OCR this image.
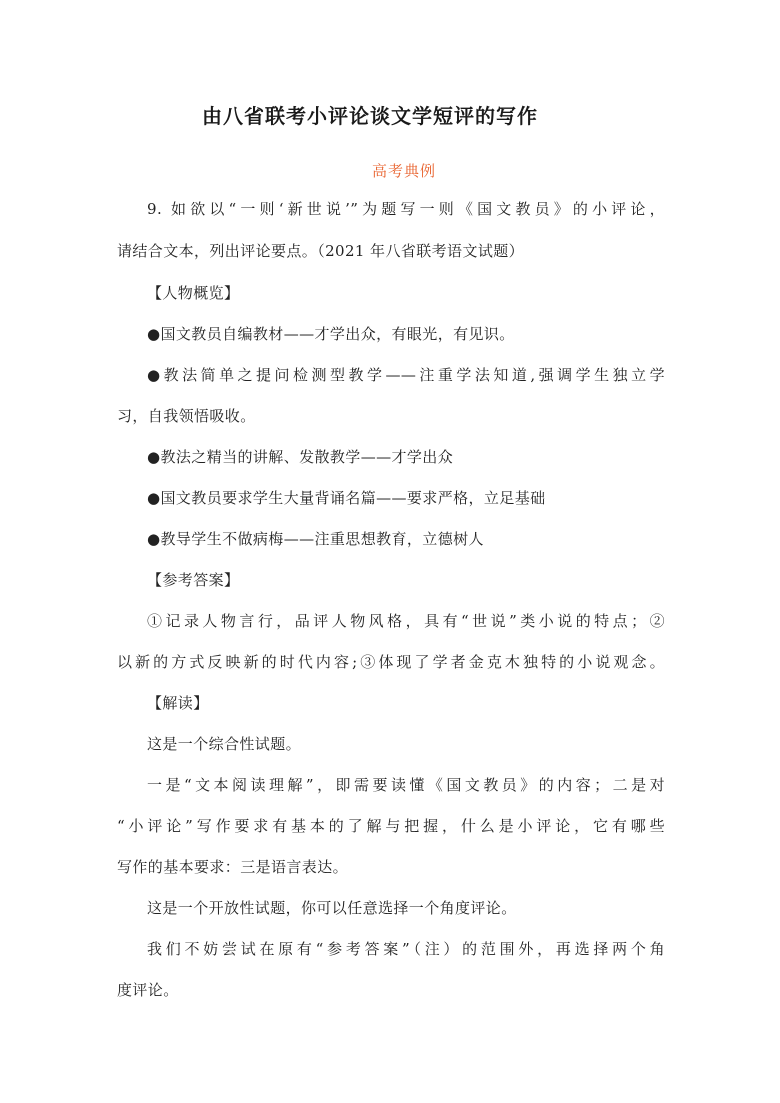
由八省联考小评论谈文学短评的写作
高考典例
9. 如欲以“一则‘新世说’”为题写一则《国文教员》的小评论，
请结合文本，列出评论要点。（2021 年八省联考语文试题）
【人物概览】
●国文教员自编教材——才学出众，有眼光，有见识。
●教法简单之提问检测型教学——注重学法知道,强调学生独立学
习，自我领悟吸收。
●教法之精当的讲解、发散教学——才学出众
●国文教员要求学生大量背诵名篇——要求严格，立足基础
●教导学生不做病梅——注重思想教育，立德树人
【参考答案】
①记录人物言行，品评人物风格，具有“世说”类小说的特点；②
以新的方式反映新的时代内容;③体现了学者金克木独特的小说观念。
【解读】
这是一个综合性试题。
一是“文本阅读理解”，即需要读懂《国文教员》的内容；二是对
“小评论”写作要求有基本的了解与把握，什么是小评论，它有哪些
写作的基本要求：三是语言表达。
这是一个开放性试题，你可以任意选择一个角度评论。
我们不妨尝试在原有“参考答案”（注）的范围外，再选择两个角
度评论。
